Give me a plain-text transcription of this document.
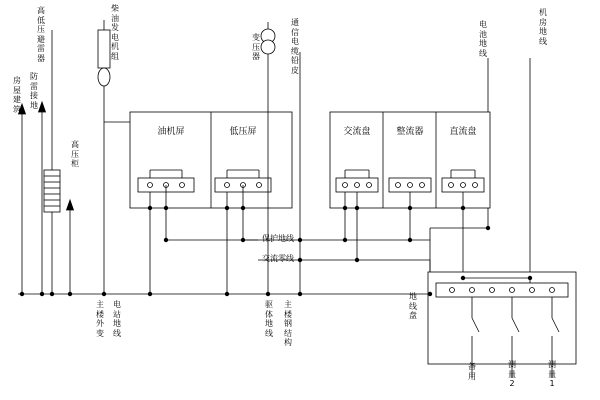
高低压避雷器
柴油发电机组
变压器
通信电缆铅皮
电池地线
机房地线
房屋建筑
防雷接地
高压柜
油机屏	低压屏	交流盘	整流器	直流盘
保护地线
交流零线
电站地线
主楼外变
主楼钢结构
驱体地线
地线盘
备用
测量2
测量1
